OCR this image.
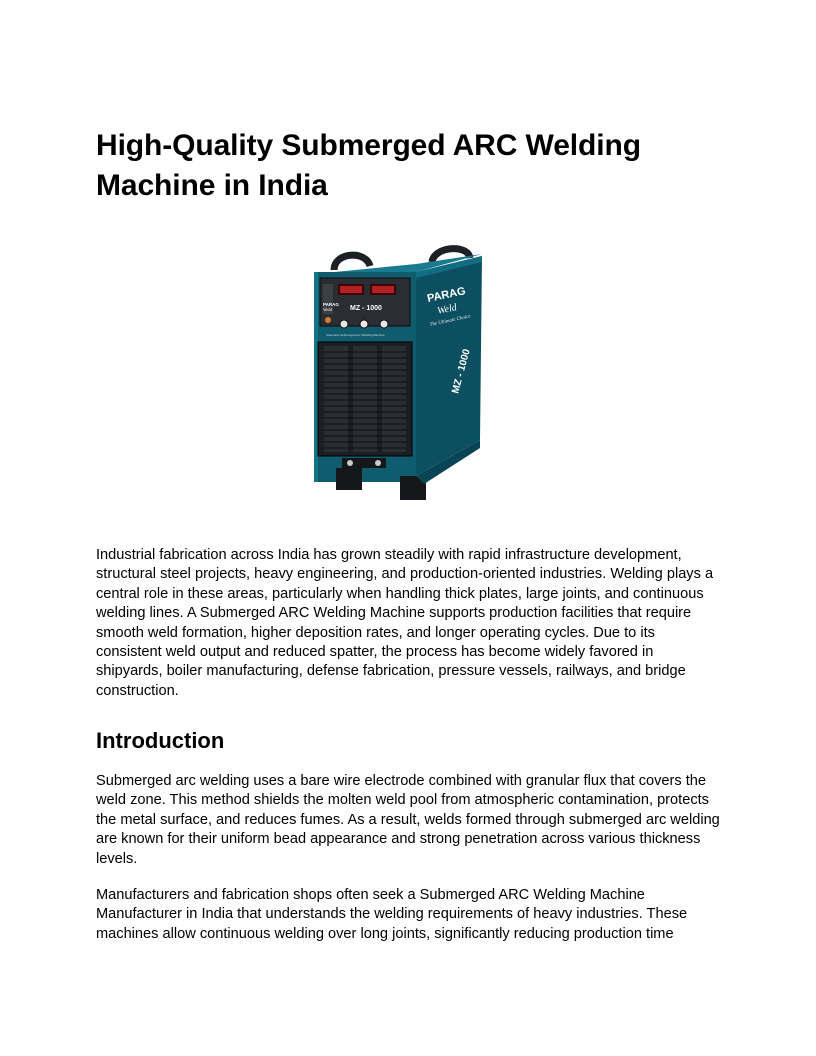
High-Quality Submerged ARC Welding Machine in India
PARAG
Weld	MZ - 1000
Automatic Submerged Arc Welding Machine
PARAG
Weld
The Ultimate Choice
MZ - 1000

Industrial fabrication across India has grown steadily with rapid infrastructure development, structural steel projects, heavy engineering, and production-oriented industries. Welding plays a central role in these areas, particularly when handling thick plates, large joints, and continuous welding lines. A Submerged ARC Welding Machine supports production facilities that require smooth weld formation, higher deposition rates, and longer operating cycles. Due to its consistent weld output and reduced spatter, the process has become widely favored in shipyards, boiler manufacturing, defense fabrication, pressure vessels, railways, and bridge construction.

Introduction

Submerged arc welding uses a bare wire electrode combined with granular flux that covers the weld zone. This method shields the molten weld pool from atmospheric contamination, protects the metal surface, and reduces fumes. As a result, welds formed through submerged arc welding are known for their uniform bead appearance and strong penetration across various thickness levels.

Manufacturers and fabrication shops often seek a Submerged ARC Welding Machine Manufacturer in India that understands the welding requirements of heavy industries. These machines allow continuous welding over long joints, significantly reducing production time
